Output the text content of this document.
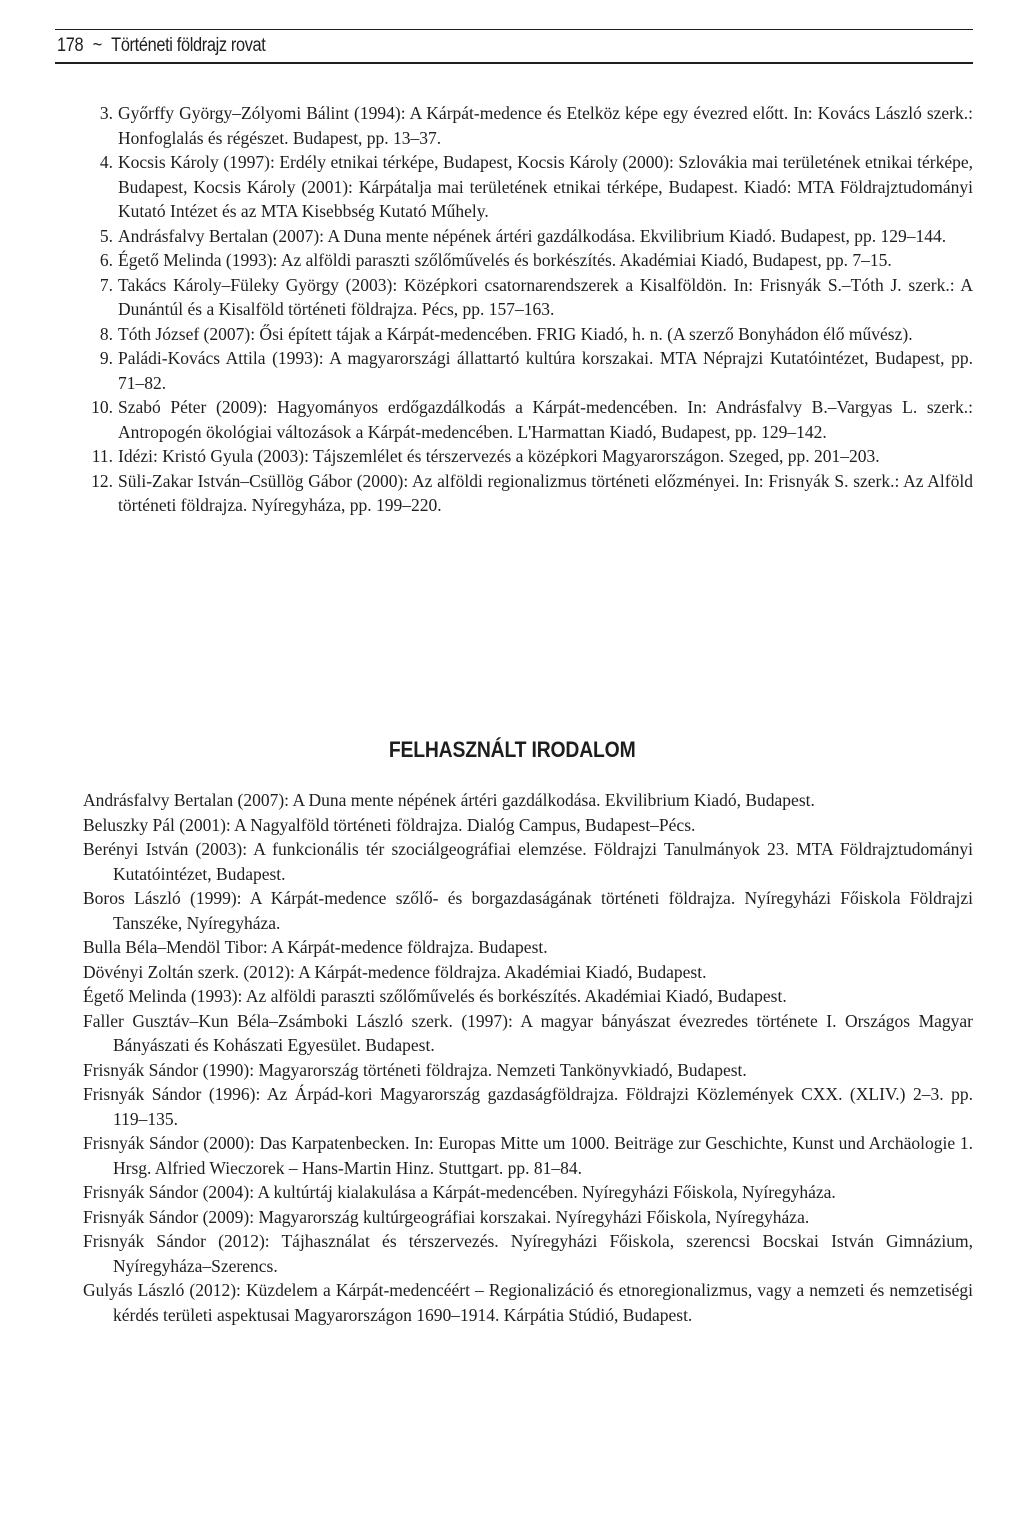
178 ~ Történeti földrajz rovat
3. Győrffy György–Zólyomi Bálint (1994): A Kárpát-medence és Etelköz képe egy évezred előtt. In: Kovács László szerk.: Honfoglalás és régészet. Budapest, pp. 13–37.
4. Kocsis Károly (1997): Erdély etnikai térképe, Budapest, Kocsis Károly (2000): Szlovákia mai területének etnikai térképe, Budapest, Kocsis Károly (2001): Kárpátalja mai területének etnikai térképe, Budapest. Kiadó: MTA Földrajztudományi Kutató Intézet és az MTA Kisebbség Kutató Műhely.
5. Andrásfalvy Bertalan (2007): A Duna mente népének ártéri gazdálkodása. Ekvilibrium Kiadó. Budapest, pp. 129–144.
6. Égető Melinda (1993): Az alföldi paraszti szőlőművelés és borkészítés. Akadémiai Kiadó, Budapest, pp. 7–15.
7. Takács Károly–Füleky György (2003): Középkori csatornarendszerek a Kisalföldön. In: Frisnyák S.–Tóth J. szerk.: A Dunántúl és a Kisalföld történeti földrajza. Pécs, pp. 157–163.
8. Tóth József (2007): Ősi épített tájak a Kárpát-medencében. FRIG Kiadó, h. n. (A szerző Bonyhádon élő művész).
9. Paládi-Kovács Attila (1993): A magyarországi állattartó kultúra korszakai. MTA Néprajzi Kutatóintézet, Budapest, pp. 71–82.
10. Szabó Péter (2009): Hagyományos erdőgazdálkodás a Kárpát-medencében. In: Andrásfalvy B.–Vargyas L. szerk.: Antropogén ökológiai változások a Kárpát-medencében. L'Harmattan Kiadó, Budapest, pp. 129–142.
11. Idézi: Kristó Gyula (2003): Tájszemlélet és térszervezés a középkori Magyarországon. Szeged, pp. 201–203.
12. Süli-Zakar István–Csüllög Gábor (2000): Az alföldi regionalizmus történeti előzményei. In: Frisnyák S. szerk.: Az Alföld történeti földrajza. Nyíregyháza, pp. 199–220.
FELHASZNÁLT IRODALOM
Andrásfalvy Bertalan (2007): A Duna mente népének ártéri gazdálkodása. Ekvilibrium Kiadó, Budapest.
Beluszky Pál (2001): A Nagyalföld történeti földrajza. Dialóg Campus, Budapest–Pécs.
Berényi István (2003): A funkcionális tér szociálgeográfiai elemzése. Földrajzi Tanulmányok 23. MTA Földrajztudományi Kutatóintézet, Budapest.
Boros László (1999): A Kárpát-medence szőlő- és borgazdaságának történeti földrajza. Nyíregyházi Főiskola Földrajzi Tanszéke, Nyíregyháza.
Bulla Béla–Mendöl Tibor: A Kárpát-medence földrajza. Budapest.
Dövényi Zoltán szerk. (2012): A Kárpát-medence földrajza. Akadémiai Kiadó, Budapest.
Égető Melinda (1993): Az alföldi paraszti szőlőművelés és borkészítés. Akadémiai Kiadó, Budapest.
Faller Gusztáv–Kun Béla–Zsámboki László szerk. (1997): A magyar bányászat évezredes története I. Országos Magyar Bányászati és Kohászati Egyesület. Budapest.
Frisnyák Sándor (1990): Magyarország történeti földrajza. Nemzeti Tankönyvkiadó, Budapest.
Frisnyák Sándor (1996): Az Árpád-kori Magyarország gazdaságföldrajza. Földrajzi Közlemények CXX. (XLIV.) 2–3. pp. 119–135.
Frisnyák Sándor (2000): Das Karpatenbecken. In: Europas Mitte um 1000. Beiträge zur Geschichte, Kunst und Archäologie 1. Hrsg. Alfried Wieczorek – Hans-Martin Hinz. Stuttgart. pp. 81–84.
Frisnyák Sándor (2004): A kultúrtáj kialakulása a Kárpát-medencében. Nyíregyházi Főiskola, Nyíregyháza.
Frisnyák Sándor (2009): Magyarország kultúrgeográfiai korszakai. Nyíregyházi Főiskola, Nyíregyháza.
Frisnyák Sándor (2012): Tájhasználat és térszervezés. Nyíregyházi Főiskola, szerencsi Bocskai István Gimnázium, Nyíregyháza–Szerencs.
Gulyás László (2012): Küzdelem a Kárpát-medencéért – Regionalizáció és etnoregionalizmus, vagy a nemzeti és nemzetiségi kérdés területi aspektusai Magyarországon 1690–1914. Kárpátia Stúdió, Budapest.
